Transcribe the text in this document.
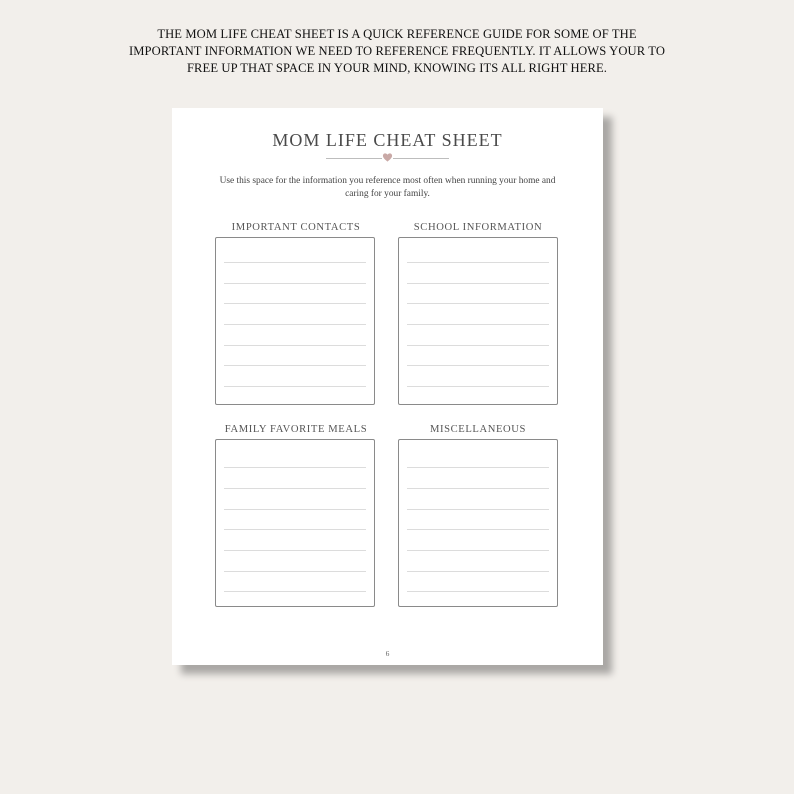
THE MOM LIFE CHEAT SHEET IS A QUICK REFERENCE GUIDE FOR SOME OF THE IMPORTANT INFORMATION WE NEED TO REFERENCE FREQUENTLY. IT ALLOWS YOUR TO FREE UP THAT SPACE IN YOUR MIND, KNOWING ITS ALL RIGHT HERE.

MOM LIFE CHEAT SHEET

Use this space for the information you reference most often when running your home and caring for your family.

IMPORTANT CONTACTS	SCHOOL INFORMATION
FAMILY FAVORITE MEALS	MISCELLANEOUS
6
